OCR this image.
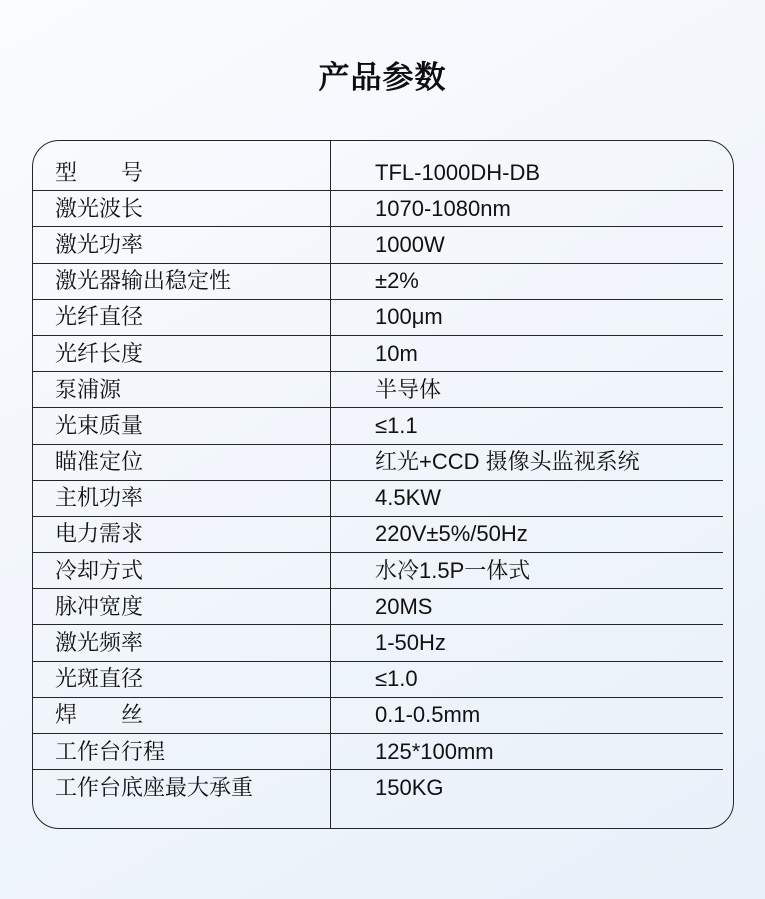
产品参数
型　　号	TFL-1000DH-DB
激光波长	1070-1080nm
激光功率	1000W
激光器输出稳定性	±2%
光纤直径	100μm
光纤长度	10m
泵浦源	半导体
光束质量	≤1.1
瞄准定位	红光+CCD 摄像头监视系统
主机功率	4.5KW
电力需求	220V±5%/50Hz
冷却方式	水冷1.5P一体式
脉冲宽度	20MS
激光频率	1-50Hz
光斑直径	≤1.0
焊　　丝	0.1-0.5mm
工作台行程	125*100mm
工作台底座最大承重	150KG
